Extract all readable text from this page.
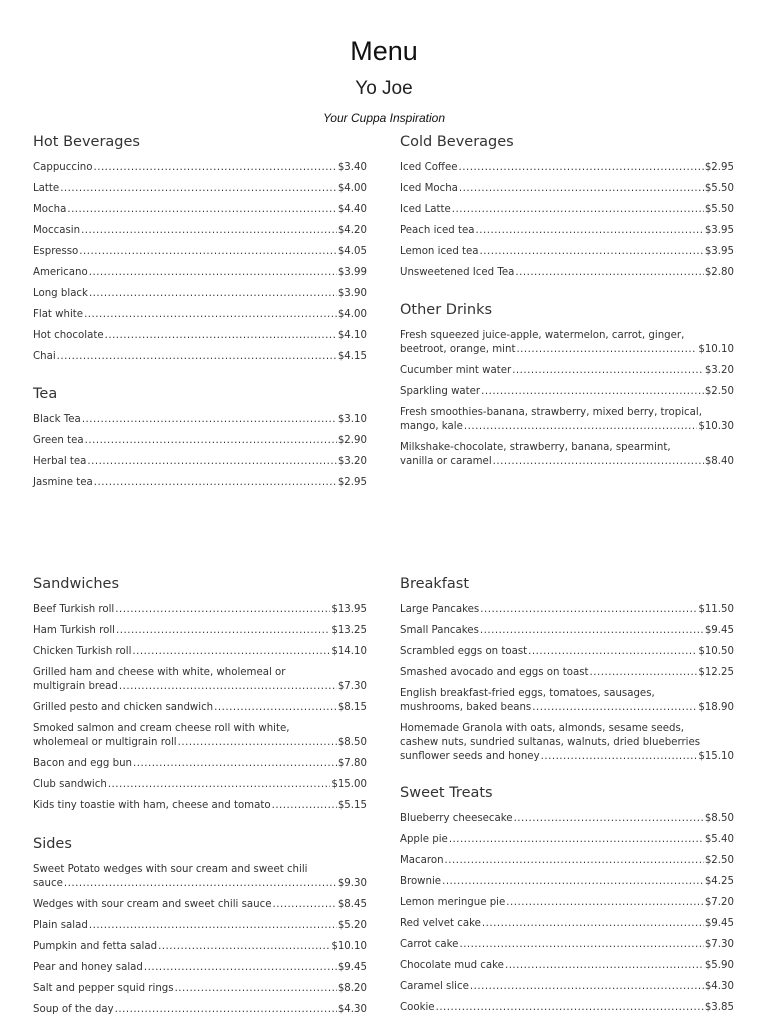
Menu
Yo Joe
Your Cuppa Inspiration
Hot Beverages
Cappuccino .....	$3.40
Latte .....	$4.00
Mocha .....	$4.40
Moccasin .....	$4.20
Espresso .....	$4.05
Americano .....	$3.99
Long black .....	$3.90
Flat white .....	$4.00
Hot chocolate .....	$4.10
Chai .....	$4.15
Tea
Black Tea .....	$3.10
Green tea .....	$2.90
Herbal tea .....	$3.20
Jasmine tea .....	$2.95
Cold Beverages
Iced Coffee .....	$2.95
Iced Mocha .....	$5.50
Iced Latte .....	$5.50
Peach iced tea .....	$3.95
Lemon iced tea .....	$3.95
Unsweetened Iced Tea .....	$2.80
Other Drinks
Fresh squeezed juice-apple, watermelon, carrot, ginger,
beetroot, orange, mint .....	$10.10
Cucumber mint water .....	$3.20
Sparkling water .....	$2.50
Fresh smoothies-banana, strawberry, mixed berry, tropical,
mango, kale .....	$10.30
Milkshake-chocolate, strawberry, banana, spearmint,
vanilla or caramel .....	$8.40
Sandwiches
Beef Turkish roll .....	$13.95
Ham Turkish roll .....	$13.25
Chicken Turkish roll .....	$14.10
Grilled ham and cheese with white, wholemeal or
multigrain bread .....	$7.30
Grilled pesto and chicken sandwich .....	$8.15
Smoked salmon and cream cheese roll with white,
wholemeal or multigrain roll .....	$8.50
Bacon and egg bun .....	$7.80
Club sandwich .....	$15.00
Kids tiny toastie with ham, cheese and tomato .....	$5.15
Sides
Sweet Potato wedges with sour cream and sweet chili
sauce .....	$9.30
Wedges with sour cream and sweet chili sauce .....	$8.45
Plain salad .....	$5.20
Pumpkin and fetta salad .....	$10.10
Pear and honey salad .....	$9.45
Salt and pepper squid rings .....	$8.20
Soup of the day .....	$4.30
Breakfast
Large Pancakes .....	$11.50
Small Pancakes .....	$9.45
Scrambled eggs on toast .....	$10.50
Smashed avocado and eggs on toast .....	$12.25
English breakfast-fried eggs, tomatoes, sausages,
mushrooms, baked beans .....	$18.90
Homemade Granola with oats, almonds, sesame seeds,
cashew nuts, sundried sultanas, walnuts, dried blueberries
sunflower seeds and honey .....	$15.10
Sweet Treats
Blueberry cheesecake .....	$8.50
Apple pie .....	$5.40
Macaron .....	$2.50
Brownie .....	$4.25
Lemon meringue pie .....	$7.20
Red velvet cake .....	$9.45
Carrot cake .....	$7.30
Chocolate mud cake .....	$5.90
Caramel slice .....	$4.30
Cookie .....	$3.85
